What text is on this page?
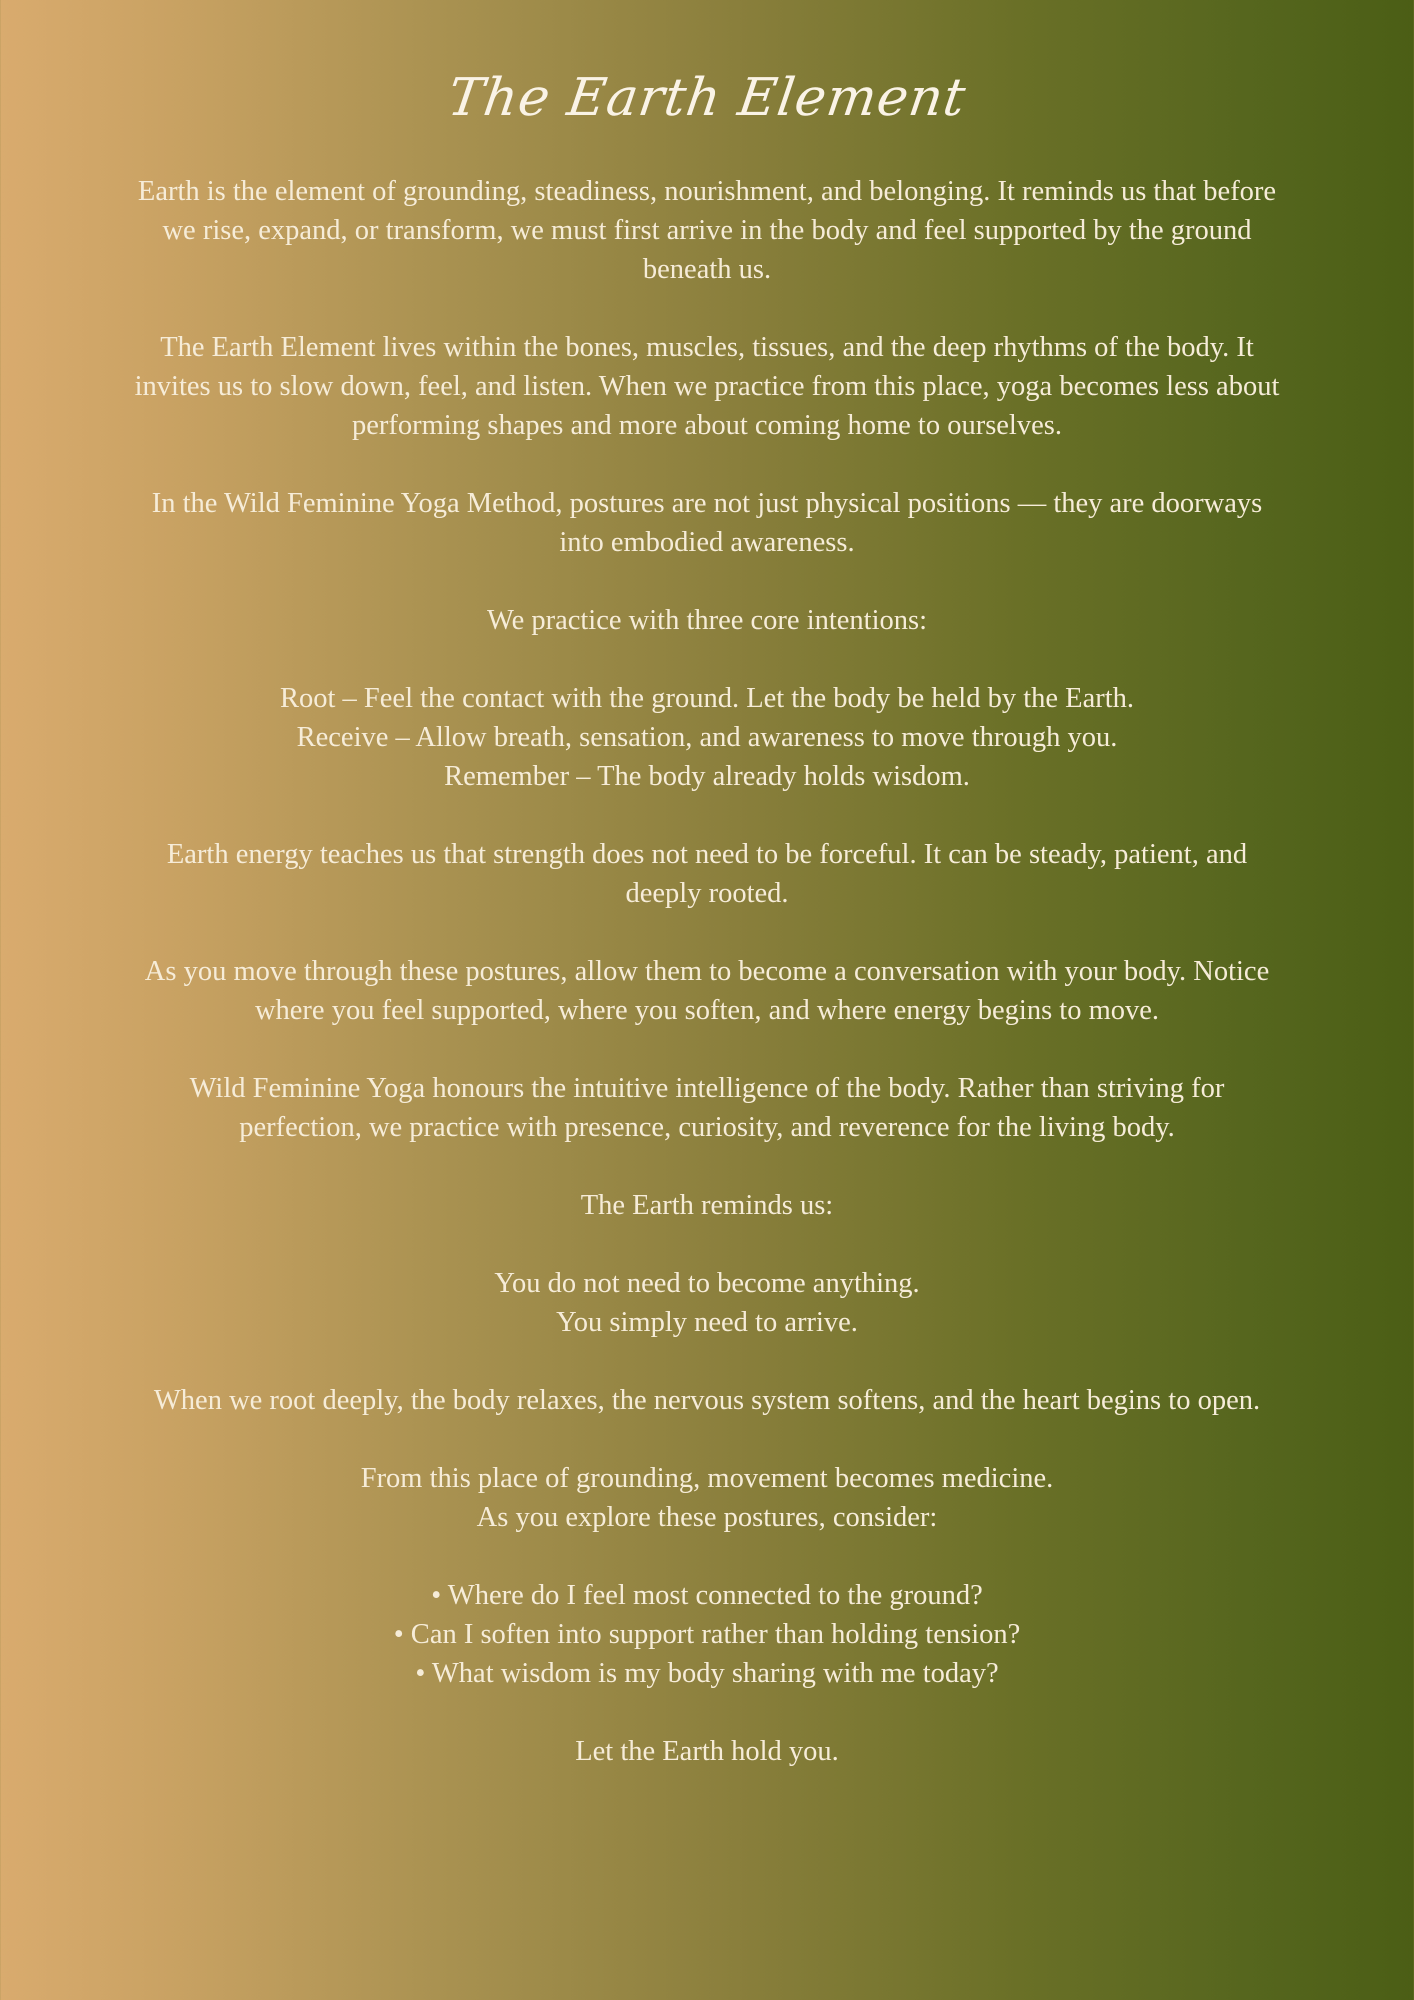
The Earth Element

Earth is the element of grounding, steadiness, nourishment, and belonging. It reminds us that before we rise, expand, or transform, we must first arrive in the body and feel supported by the ground beneath us.

The Earth Element lives within the bones, muscles, tissues, and the deep rhythms of the body. It invites us to slow down, feel, and listen. When we practice from this place, yoga becomes less about performing shapes and more about coming home to ourselves.

In the Wild Feminine Yoga Method, postures are not just physical positions — they are doorways into embodied awareness.

We practice with three core intentions:

Root – Feel the contact with the ground. Let the body be held by the Earth.
Receive – Allow breath, sensation, and awareness to move through you.
Remember – The body already holds wisdom.

Earth energy teaches us that strength does not need to be forceful. It can be steady, patient, and deeply rooted.

As you move through these postures, allow them to become a conversation with your body. Notice where you feel supported, where you soften, and where energy begins to move.

Wild Feminine Yoga honours the intuitive intelligence of the body. Rather than striving for perfection, we practice with presence, curiosity, and reverence for the living body.

The Earth reminds us:

You do not need to become anything.
You simply need to arrive.

When we root deeply, the body relaxes, the nervous system softens, and the heart begins to open.

From this place of grounding, movement becomes medicine.
As you explore these postures, consider:

• Where do I feel most connected to the ground?
• Can I soften into support rather than holding tension?
• What wisdom is my body sharing with me today?

Let the Earth hold you.
